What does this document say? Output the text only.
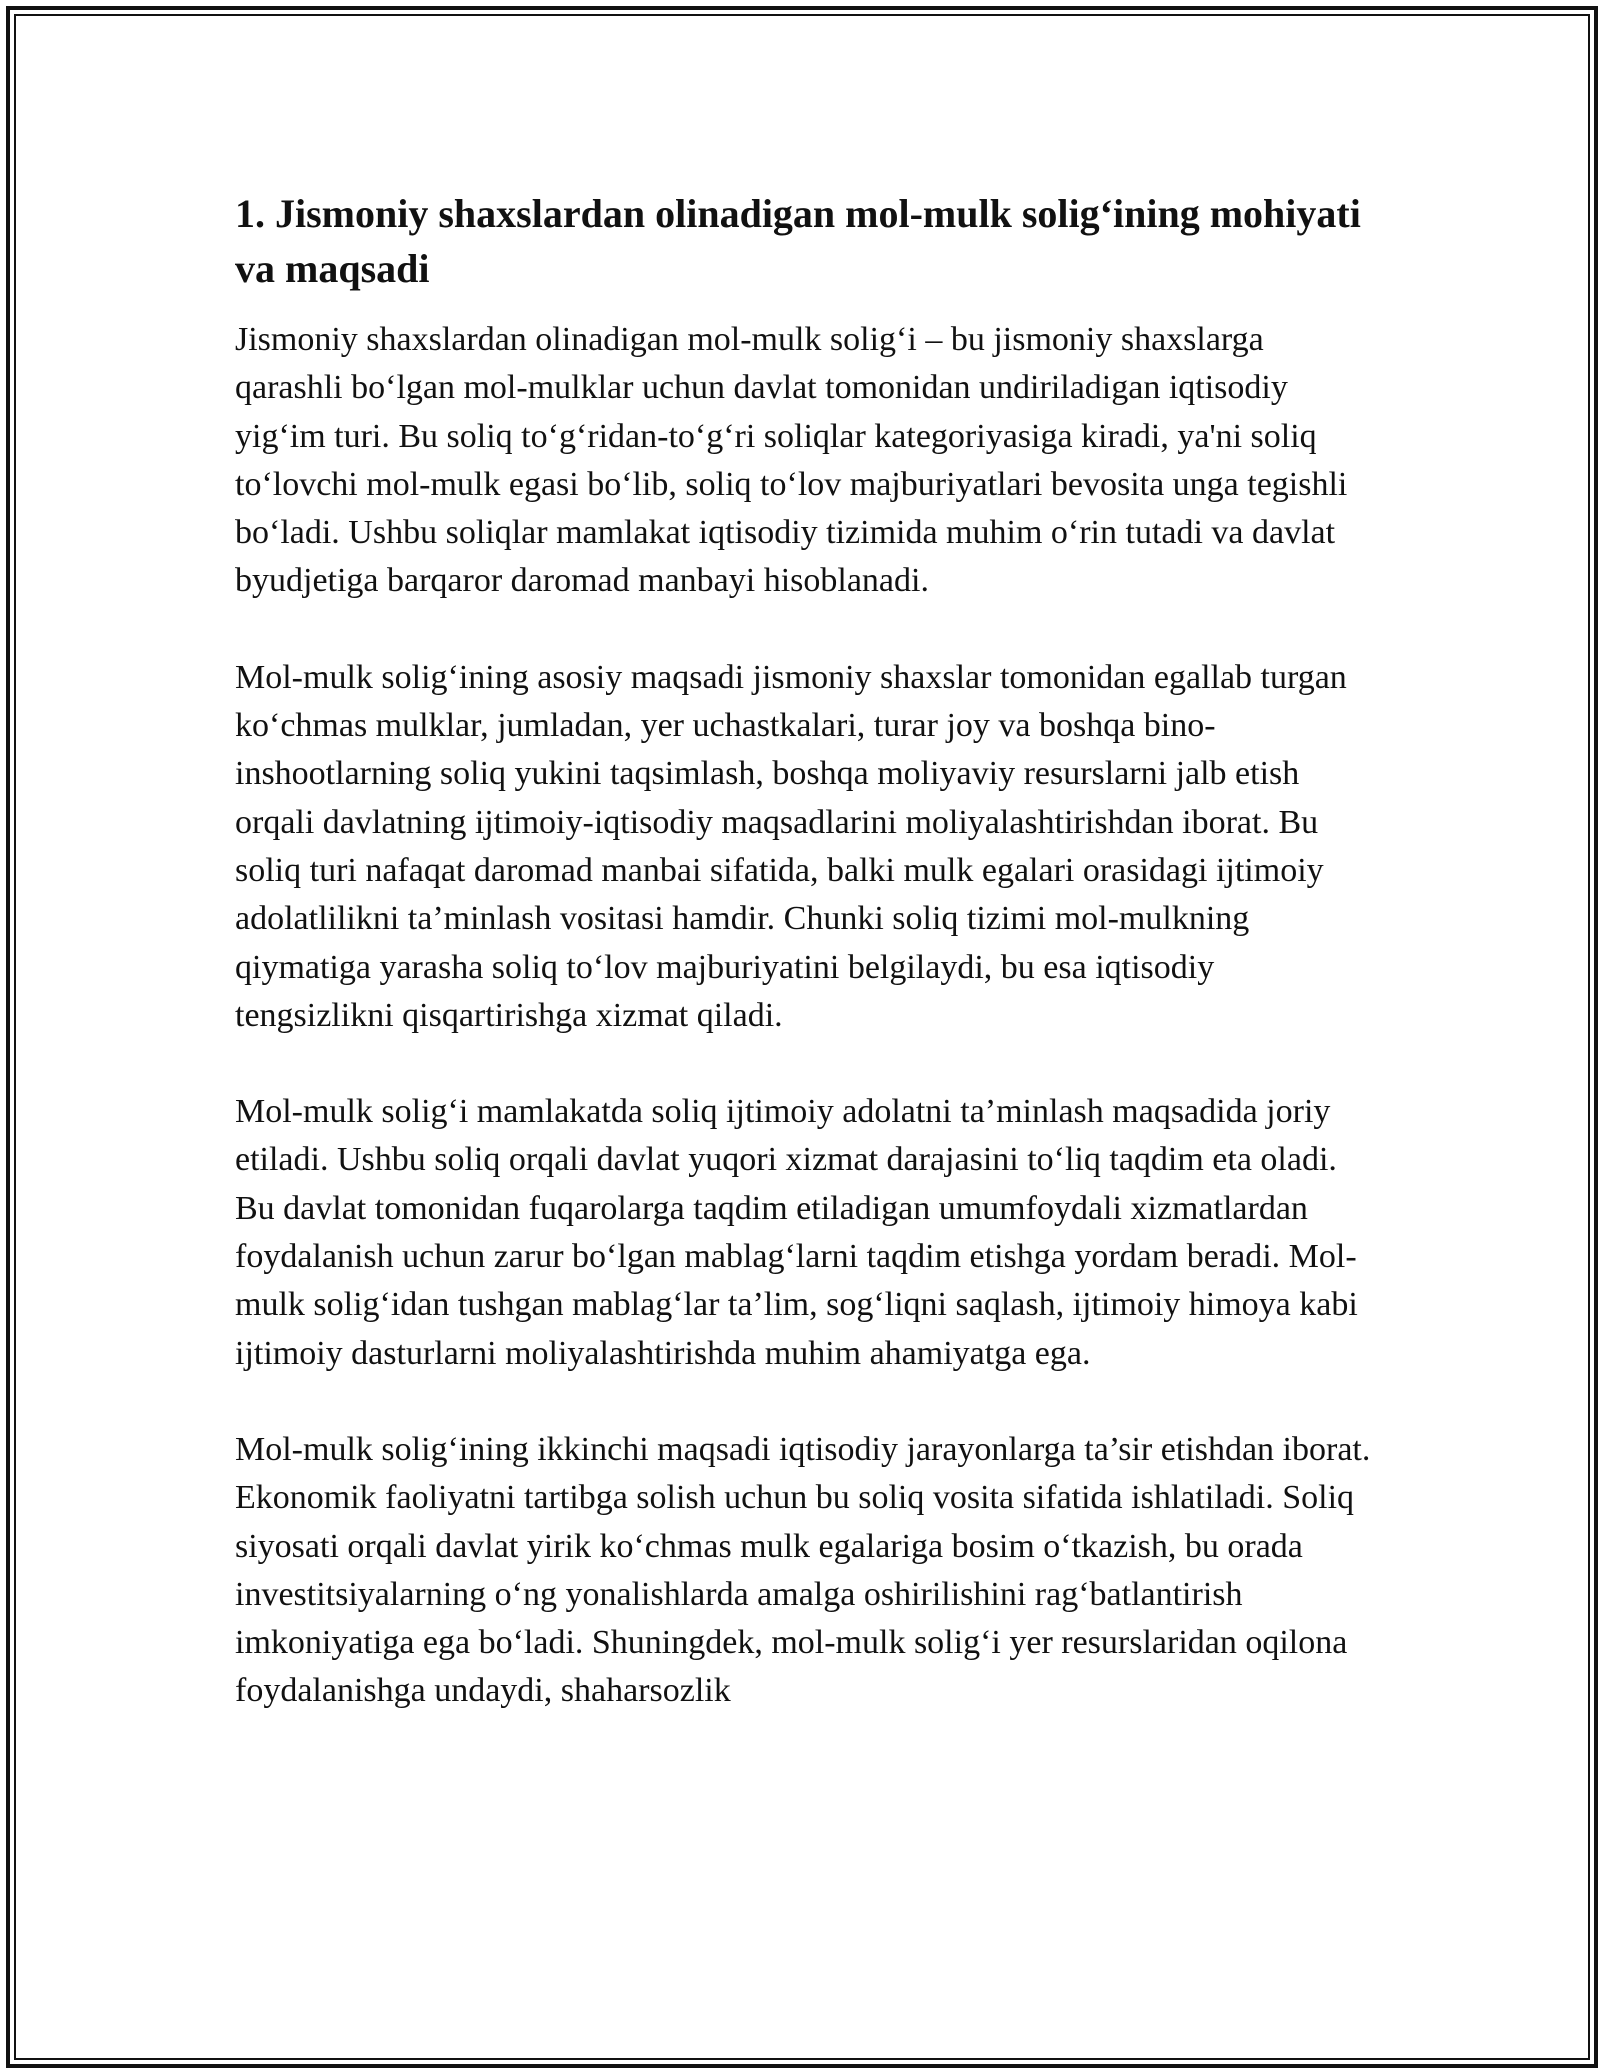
1. Jismoniy shaxslardan olinadigan mol-mulk solig‘ining mohiyati va maqsadi

Jismoniy shaxslardan olinadigan mol-mulk solig‘i – bu jismoniy shaxslarga qarashli bo‘lgan mol-mulklar uchun davlat tomonidan undiriladigan iqtisodiy yig‘im turi. Bu soliq to‘g‘ridan-to‘g‘ri soliqlar kategoriyasiga kiradi, ya'ni soliq to‘lovchi mol-mulk egasi bo‘lib, soliq to‘lov majburiyatlari bevosita unga tegishli bo‘ladi. Ushbu soliqlar mamlakat iqtisodiy tizimida muhim o‘rin tutadi va davlat byudjetiga barqaror daromad manbayi hisoblanadi.

Mol-mulk solig‘ining asosiy maqsadi jismoniy shaxslar tomonidan egallab turgan ko‘chmas mulklar, jumladan, yer uchastkalari, turar joy va boshqa bino-inshootlarning soliq yukini taqsimlash, boshqa moliyaviy resurslarni jalb etish orqali davlatning ijtimoiy-iqtisodiy maqsadlarini moliyalashtirishdan iborat. Bu soliq turi nafaqat daromad manbai sifatida, balki mulk egalari orasidagi ijtimoiy adolatlilikni ta’minlash vositasi hamdir. Chunki soliq tizimi mol-mulkning qiymatiga yarasha soliq to‘lov majburiyatini belgilaydi, bu esa iqtisodiy tengsizlikni qisqartirishga xizmat qiladi.

Mol-mulk solig‘i mamlakatda soliq ijtimoiy adolatni ta’minlash maqsadida joriy etiladi. Ushbu soliq orqali davlat yuqori xizmat darajasini to‘liq taqdim eta oladi. Bu davlat tomonidan fuqarolarga taqdim etiladigan umumfoydali xizmatlardan foydalanish uchun zarur bo‘lgan mablag‘larni taqdim etishga yordam beradi. Mol-mulk solig‘idan tushgan mablag‘lar ta’lim, sog‘liqni saqlash, ijtimoiy himoya kabi ijtimoiy dasturlarni moliyalashtirishda muhim ahamiyatga ega.

Mol-mulk solig‘ining ikkinchi maqsadi iqtisodiy jarayonlarga ta’sir etishdan iborat. Ekonomik faoliyatni tartibga solish uchun bu soliq vosita sifatida ishlatiladi. Soliq siyosati orqali davlat yirik ko‘chmas mulk egalariga bosim o‘tkazish, bu orada investitsiyalarning o‘ng yonalishlarda amalga oshirilishini rag‘batlantirish imkoniyatiga ega bo‘ladi. Shuningdek, mol-mulk solig‘i yer resurslaridan oqilona foydalanishga undaydi, shaharsozlik
